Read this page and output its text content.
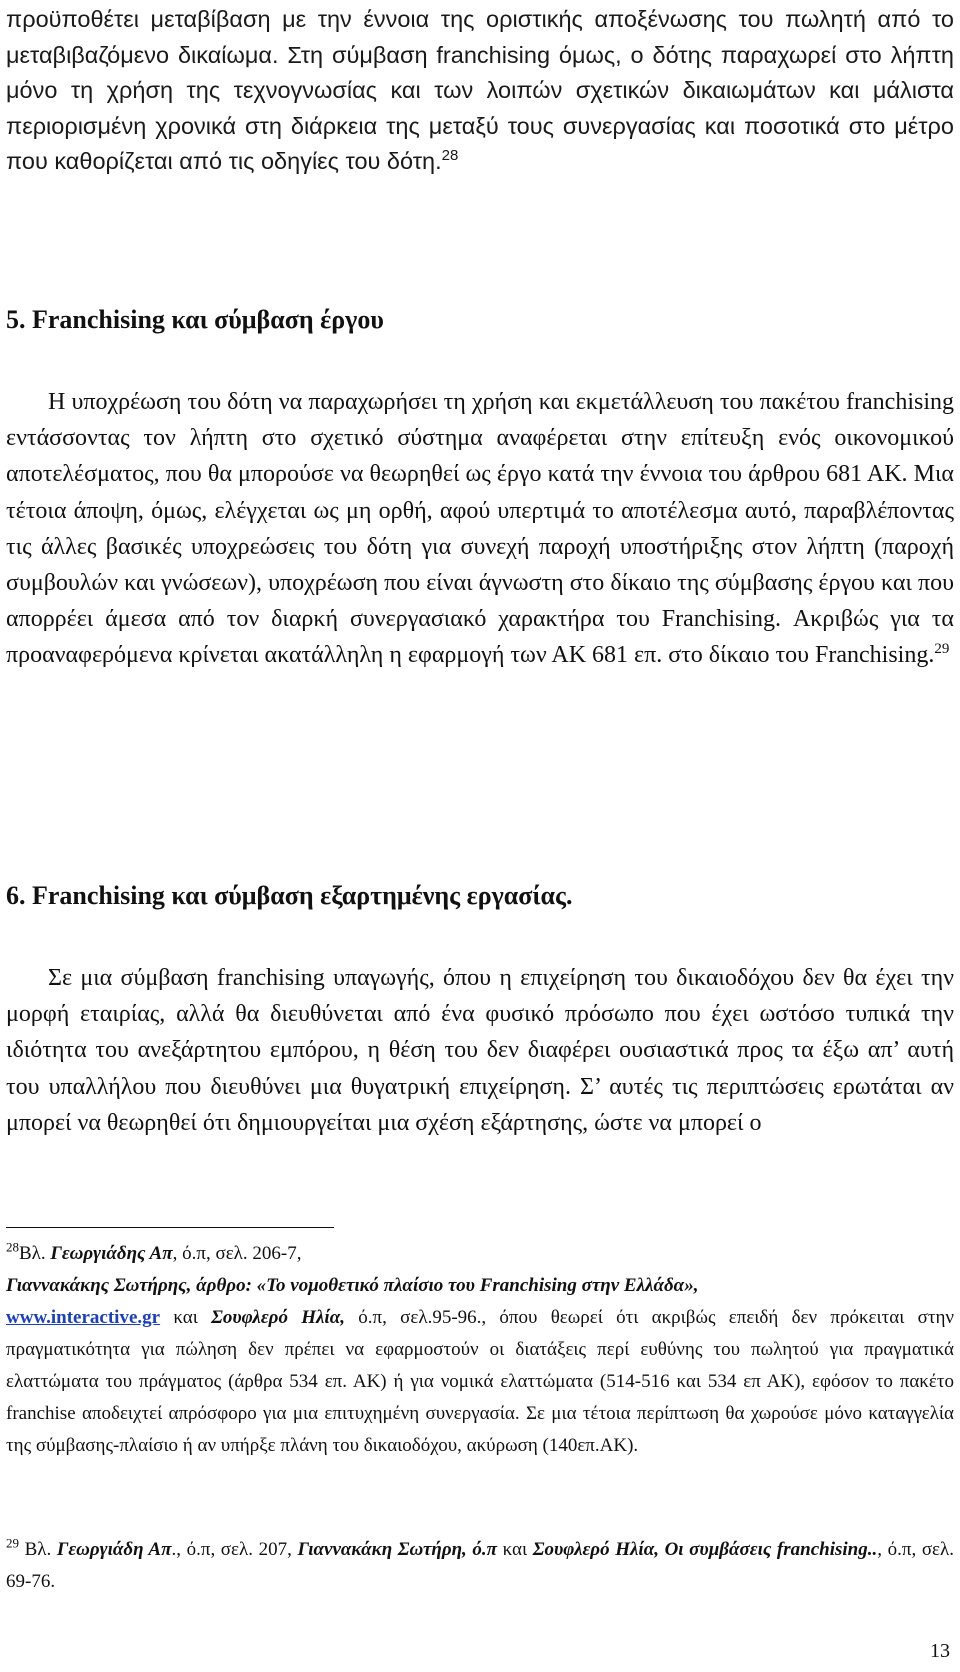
προϋποθέτει μεταβίβαση με την έννοια της οριστικής αποξένωσης του πωλητή από το μεταβιβαζόμενο δικαίωμα. Στη σύμβαση franchising όμως, ο δότης παραχωρεί στο λήπτη μόνο τη χρήση της τεχνογνωσίας και των λοιπών σχετικών δικαιωμάτων και μάλιστα περιορισμένη χρονικά στη διάρκεια της μεταξύ τους συνεργασίας και ποσοτικά στο μέτρο που καθορίζεται από τις οδηγίες του δότη.$^{28}$

5. Franchising και σύμβαση έργου

Η υποχρέωση του δότη να παραχωρήσει τη χρήση και εκμετάλλευση του πακέτου franchising εντάσσοντας τον λήπτη στο σχετικό σύστημα αναφέρεται στην επίτευξη ενός οικονομικού αποτελέσματος, που θα μπορούσε να θεωρηθεί ως έργο κατά την έννοια του άρθρου 681 ΑΚ. Μια τέτοια άποψη, όμως, ελέγχεται ως μη ορθή, αφού υπερτιμά το αποτέλεσμα αυτό, παραβλέποντας τις άλλες βασικές υποχρεώσεις του δότη για συνεχή παροχή υποστήριξης στον λήπτη (παροχή συμβουλών και γνώσεων), υποχρέωση που είναι άγνωστη στο δίκαιο της σύμβασης έργου και που απορρέει άμεσα από τον διαρκή συνεργασιακό χαρακτήρα του Franchising. Ακριβώς για τα προαναφερόμενα κρίνεται ακατάλληλη η εφαρμογή των ΑΚ 681 επ. στο δίκαιο του Franchising.$^{29}$

6. Franchising και σύμβαση εξαρτημένης εργασίας.

Σε μια σύμβαση franchising υπαγωγής, όπου η επιχείρηση του δικαιοδόχου δεν θα έχει την μορφή εταιρίας, αλλά θα διευθύνεται από ένα φυσικό πρόσωπο που έχει ωστόσο τυπικά την ιδιότητα του ανεξάρτητου εμπόρου, η θέση του δεν διαφέρει ουσιαστικά προς τα έξω απ’ αυτή του υπαλλήλου που διευθύνει μια θυγατρική επιχείρηση. Σ’ αυτές τις περιπτώσεις ερωτάται αν μπορεί να θεωρηθεί ότι δημιουργείται μια σχέση εξάρτησης, ώστε να μπορεί ο

$^{28}$Βλ. Γεωργιάδης Απ, ό.π, σελ. 206-7,
Γιαννακάκης Σωτήρης, άρθρο: «Το νομοθετικό πλαίσιο του Franchising στην Ελλάδα»,
www.interactive.gr και Σουφλερό Ηλία, ό.π, σελ.95-96., όπου θεωρεί ότι ακριβώς επειδή δεν πρόκειται στην πραγματικότητα για πώληση δεν πρέπει να εφαρμοστούν οι διατάξεις περί ευθύνης του πωλητού για πραγματικά ελαττώματα του πράγματος (άρθρα 534 επ. ΑΚ) ή για νομικά ελαττώματα (514-516 και 534 επ ΑΚ), εφόσον το πακέτο franchise αποδειχτεί απρόσφορο για μια επιτυχημένη συνεργασία. Σε μια τέτοια περίπτωση θα χωρούσε μόνο καταγγελία της σύμβασης-πλαίσιο ή αν υπήρξε πλάνη του δικαιοδόχου, ακύρωση (140επ.ΑΚ).

$^{29}$ Βλ. Γεωργιάδη Απ., ό.π, σελ. 207, Γιαννακάκη Σωτήρη, ό.π και Σουφλερό Ηλία, Οι συμβάσεις franchising.., ό.π, σελ. 69-76.

13
